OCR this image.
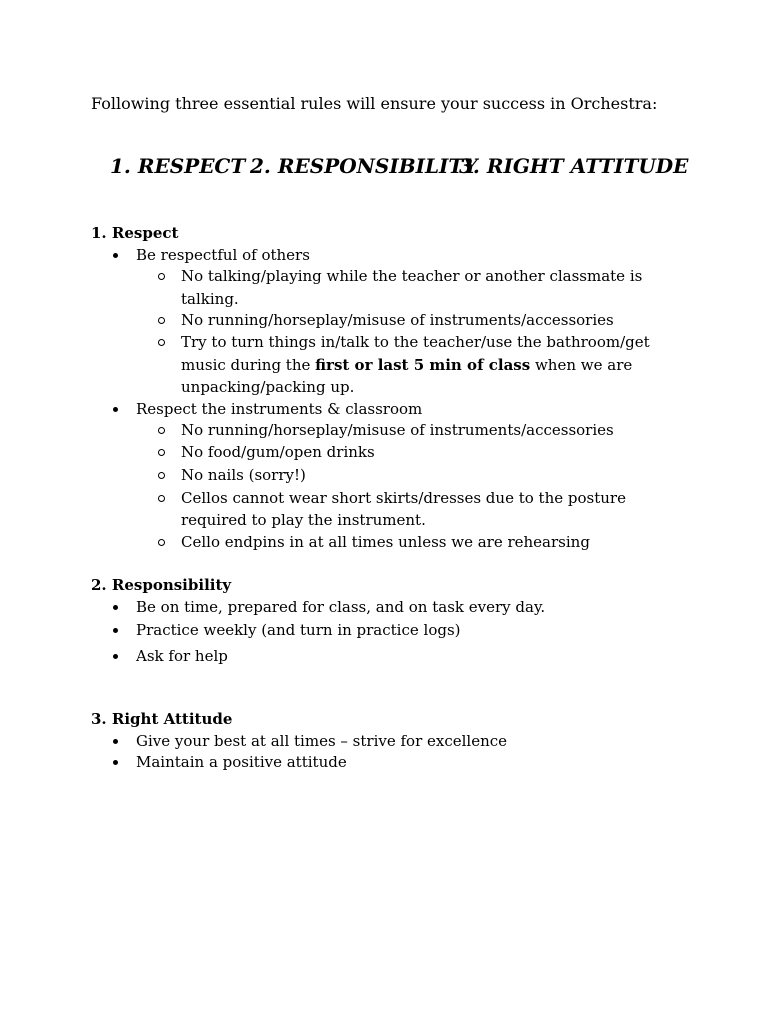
Following three essential rules will ensure your success in Orchestra:
1. RESPECT 2. RESPONSIBILITY
3. RIGHT ATTITUDE
1. Respect
Be respectful of others
No talking/playing while the teacher or another classmate is
talking.
No running/horseplay/misuse of instruments/accessories
Try to turn things in/talk to the teacher/use the bathroom/get
music during the first or last 5 min of class when we are
unpacking/packing up.
Respect the instruments & classroom
No running/horseplay/misuse of instruments/accessories
No food/gum/open drinks
No nails (sorry!)
Cellos cannot wear short skirts/dresses due to the posture
required to play the instrument.
Cello endpins in at all times unless we are rehearsing
2. Responsibility
Be on time, prepared for class, and on task every day.
Practice weekly (and turn in practice logs)
Ask for help
3. Right Attitude
Give your best at all times – strive for excellence
Maintain a positive attitude
